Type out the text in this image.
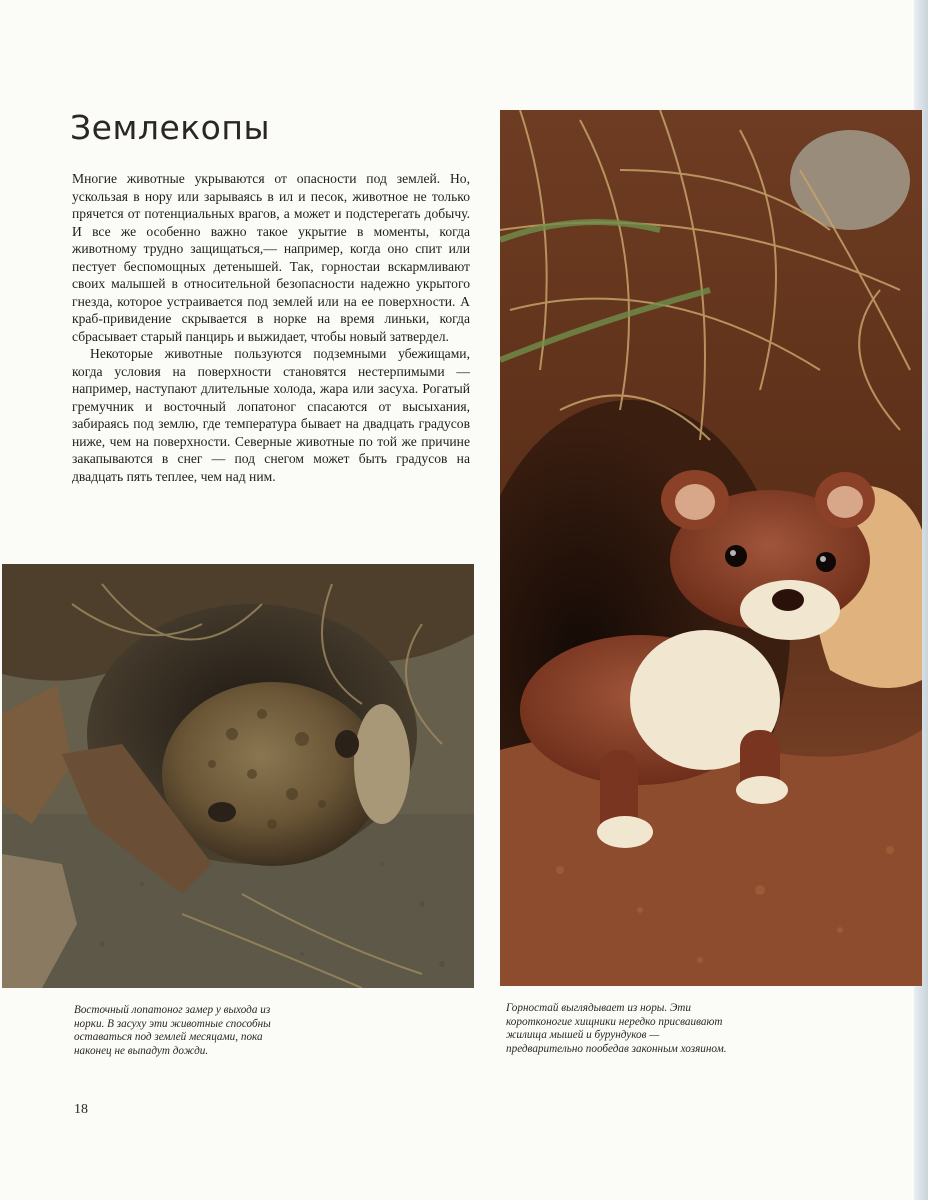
Землекопы

Многие животные укрываются от опасности под землей. Но, ускользая в нору или зарываясь в ил и песок, животное не только прячется от потенциальных врагов, а может и подстерегать добычу. И все же особенно важно такое укрытие в моменты, когда животному трудно защищаться,— например, когда оно спит или пестует беспомощных детенышей. Так, горностаи вскармливают своих малышей в относительной безопасности надежно укрытого гнезда, которое устраивается под землей или на ее поверхности. А краб-привидение скрывается в норке на время линьки, когда сбрасывает старый панцирь и выжидает, чтобы новый затвердел.

Некоторые животные пользуются подземными убежищами, когда условия на поверхности становятся нестерпимыми — например, наступают длительные холода, жара или засуха. Рогатый гремучник и восточный лопатоног спасаются от высыхания, забираясь под землю, где температура бывает на двадцать градусов ниже, чем на поверхности. Северные животные по той же причине закапываются в снег — под снегом может быть градусов на двадцать пять теплее, чем над ним.

Восточный лопатоног замер у выхода из норки. В засуху эти животные способны оставаться под землей месяцами, пока наконец не выпадут дожди.

Горностай выглядывает из норы. Эти коротконогие хищники нередко присваивают жилища мышей и бурундуков — предварительно пообедав законным хозяином.

18
